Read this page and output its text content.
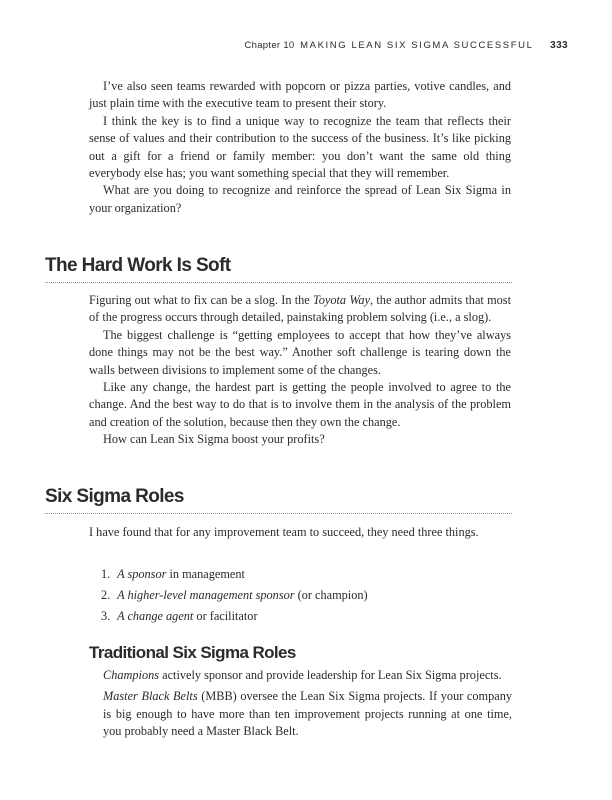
Chapter 10 MAKING LEAN SIX SIGMA SUCCESSFUL 333

I’ve also seen teams rewarded with popcorn or pizza parties, votive candles, and just plain time with the executive team to present their story.

I think the key is to find a unique way to recognize the team that reflects their sense of values and their contribution to the success of the business. It’s like picking out a gift for a friend or family member: you don’t want the same old thing everybody else has; you want something special that they will remember.

What are you doing to recognize and reinforce the spread of Lean Six Sigma in your organization?

The Hard Work Is Soft

Figuring out what to fix can be a slog. In the Toyota Way, the author admits that most of the progress occurs through detailed, painstaking problem solving (i.e., a slog).

The biggest challenge is “getting employees to accept that how they’ve always done things may not be the best way.” Another soft challenge is tearing down the walls between divisions to implement some of the changes.

Like any change, the hardest part is getting the people involved to agree to the change. And the best way to do that is to involve them in the analysis of the problem and creation of the solution, because then they own the change.

How can Lean Six Sigma boost your profits?

Six Sigma Roles

I have found that for any improvement team to succeed, they need three things.

1. A sponsor in management
2. A higher-level management sponsor (or champion)
3. A change agent or facilitator
Traditional Six Sigma Roles

Champions actively sponsor and provide leadership for Lean Six Sigma projects.

Master Black Belts (MBB) oversee the Lean Six Sigma projects. If your company is big enough to have more than ten improvement projects running at one time, you probably need a Master Black Belt.
